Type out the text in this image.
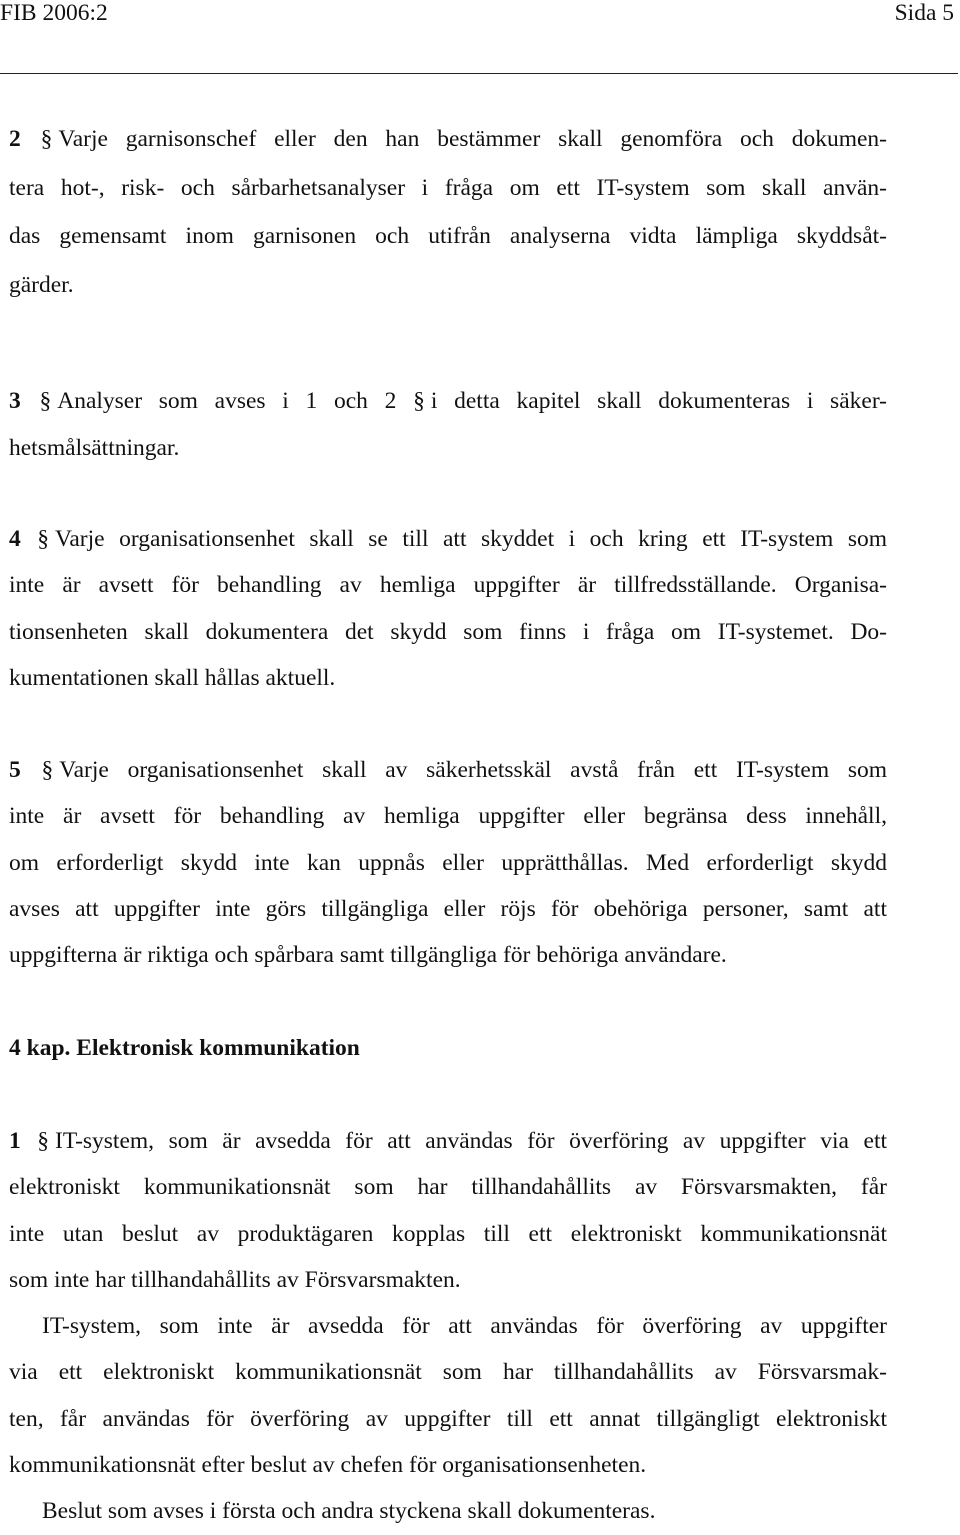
FIB 2006:2	Sida 5
2 § Varje garnisonschef eller den han bestämmer skall genomföra och dokumen-
tera hot-, risk- och sårbarhetsanalyser i fråga om ett IT-system som skall använ-
das gemensamt inom garnisonen och utifrån analyserna vidta lämpliga skyddsåt-
gärder.
3 § Analyser som avses i 1 och 2 § i detta kapitel skall dokumenteras i säker-
hetsmålsättningar.
4 § Varje organisationsenhet skall se till att skyddet i och kring ett IT-system som
inte är avsett för behandling av hemliga uppgifter är tillfredsställande. Organisa-
tionsenheten skall dokumentera det skydd som finns i fråga om IT-systemet. Do-
kumentationen skall hållas aktuell.
5 § Varje organisationsenhet skall av säkerhetsskäl avstå från ett IT-system som
inte är avsett för behandling av hemliga uppgifter eller begränsa dess innehåll,
om erforderligt skydd inte kan uppnås eller upprätthållas. Med erforderligt skydd
avses att uppgifter inte görs tillgängliga eller röjs för obehöriga personer, samt att
uppgifterna är riktiga och spårbara samt tillgängliga för behöriga användare.
4 kap. Elektronisk kommunikation
1 § IT-system, som är avsedda för att användas för överföring av uppgifter via ett
elektroniskt kommunikationsnät som har tillhandahållits av Försvarsmakten, får
inte utan beslut av produktägaren kopplas till ett elektroniskt kommunikationsnät
som inte har tillhandahållits av Försvarsmakten.
IT-system, som inte är avsedda för att användas för överföring av uppgifter
via ett elektroniskt kommunikationsnät som har tillhandahållits av Försvarsmak-
ten, får användas för överföring av uppgifter till ett annat tillgängligt elektroniskt
kommunikationsnät efter beslut av chefen för organisationsenheten.
Beslut som avses i första och andra styckena skall dokumenteras.
